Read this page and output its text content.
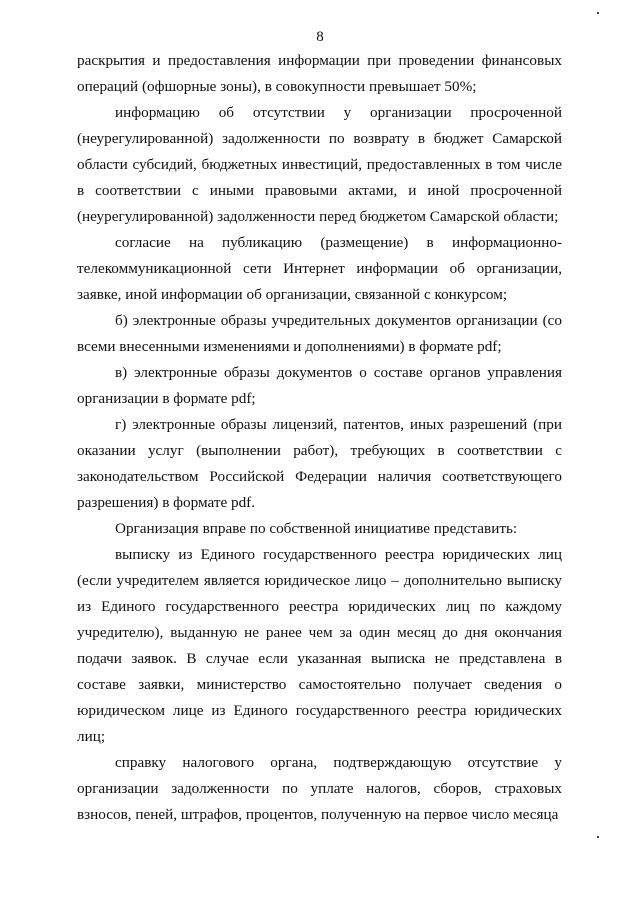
8

раскрытия и предоставления информации при проведении финансовых операций (офшорные зоны), в совокупности превышает 50%;

информацию об отсутствии у организации просроченной (неурегулированной) задолженности по возврату в бюджет Самарской области субсидий, бюджетных инвестиций, предоставленных в том числе в соответствии с иными правовыми актами, и иной просроченной (неурегулированной) задолженности перед бюджетом Самарской области;

согласие на публикацию (размещение) в информационно-телекоммуникационной сети Интернет информации об организации, заявке, иной информации об организации, связанной с конкурсом;

б) электронные образы учредительных документов организации (со всеми внесенными изменениями и дополнениями) в формате pdf;

в) электронные образы документов о составе органов управления организации в формате pdf;

г) электронные образы лицензий, патентов, иных разрешений (при оказании услуг (выполнении работ), требующих в соответствии с законодательством Российской Федерации наличия соответствующего разрешения) в формате pdf.

Организация вправе по собственной инициативе представить:

выписку из Единого государственного реестра юридических лиц (если учредителем является юридическое лицо – дополнительно выписку из Единого государственного реестра юридических лиц по каждому учредителю), выданную не ранее чем за один месяц до дня окончания подачи заявок. В случае если указанная выписка не представлена в составе заявки, министерство самостоятельно получает сведения о юридическом лице из Единого государственного реестра юридических лиц;

справку налогового органа, подтверждающую отсутствие у организации задолженности по уплате налогов, сборов, страховых взносов, пеней, штрафов, процентов, полученную на первое число месяца
